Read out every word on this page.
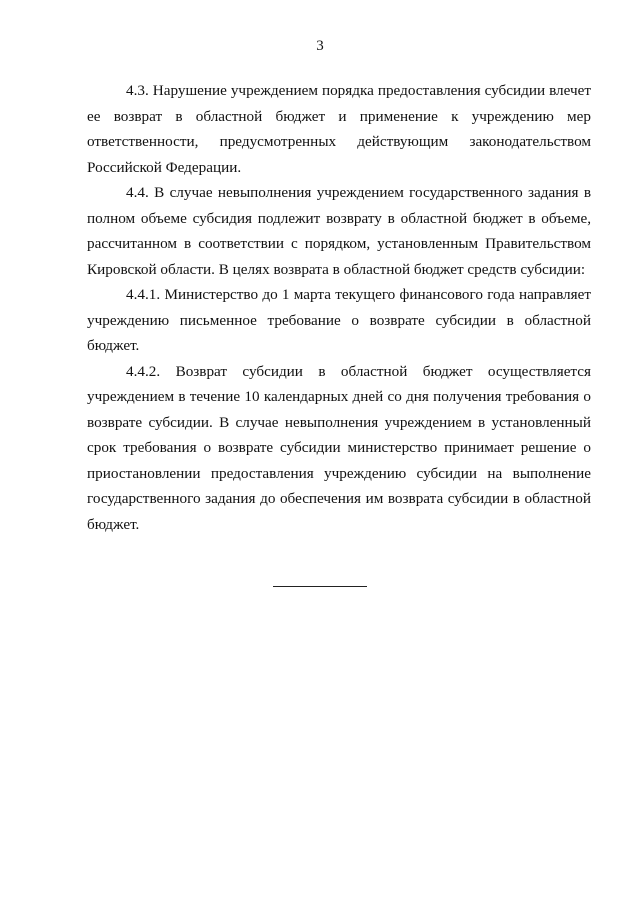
3

4.3. Нарушение учреждением порядка предоставления субсидии влечет ее возврат в областной бюджет и применение к учреждению мер ответственности, предусмотренных действующим законодательством Российской Федерации.

4.4. В случае невыполнения учреждением государственного задания в полном объеме субсидия подлежит возврату в областной бюджет в объеме, рассчитанном в соответствии с порядком, установленным Правительством Кировской области. В целях возврата в областной бюджет средств субсидии:

4.4.1. Министерство до 1 марта текущего финансового года направляет учреждению письменное требование о возврате субсидии в областной бюджет.

4.4.2. Возврат субсидии в областной бюджет осуществляется учреждением в течение 10 календарных дней со дня получения требования о возврате субсидии. В случае невыполнения учреждением в установленный срок требования о возврате субсидии министерство принимает решение о приостановлении предоставления учреждению субсидии на выполнение государственного задания до обеспечения им возврата субсидии в областной бюджет.
